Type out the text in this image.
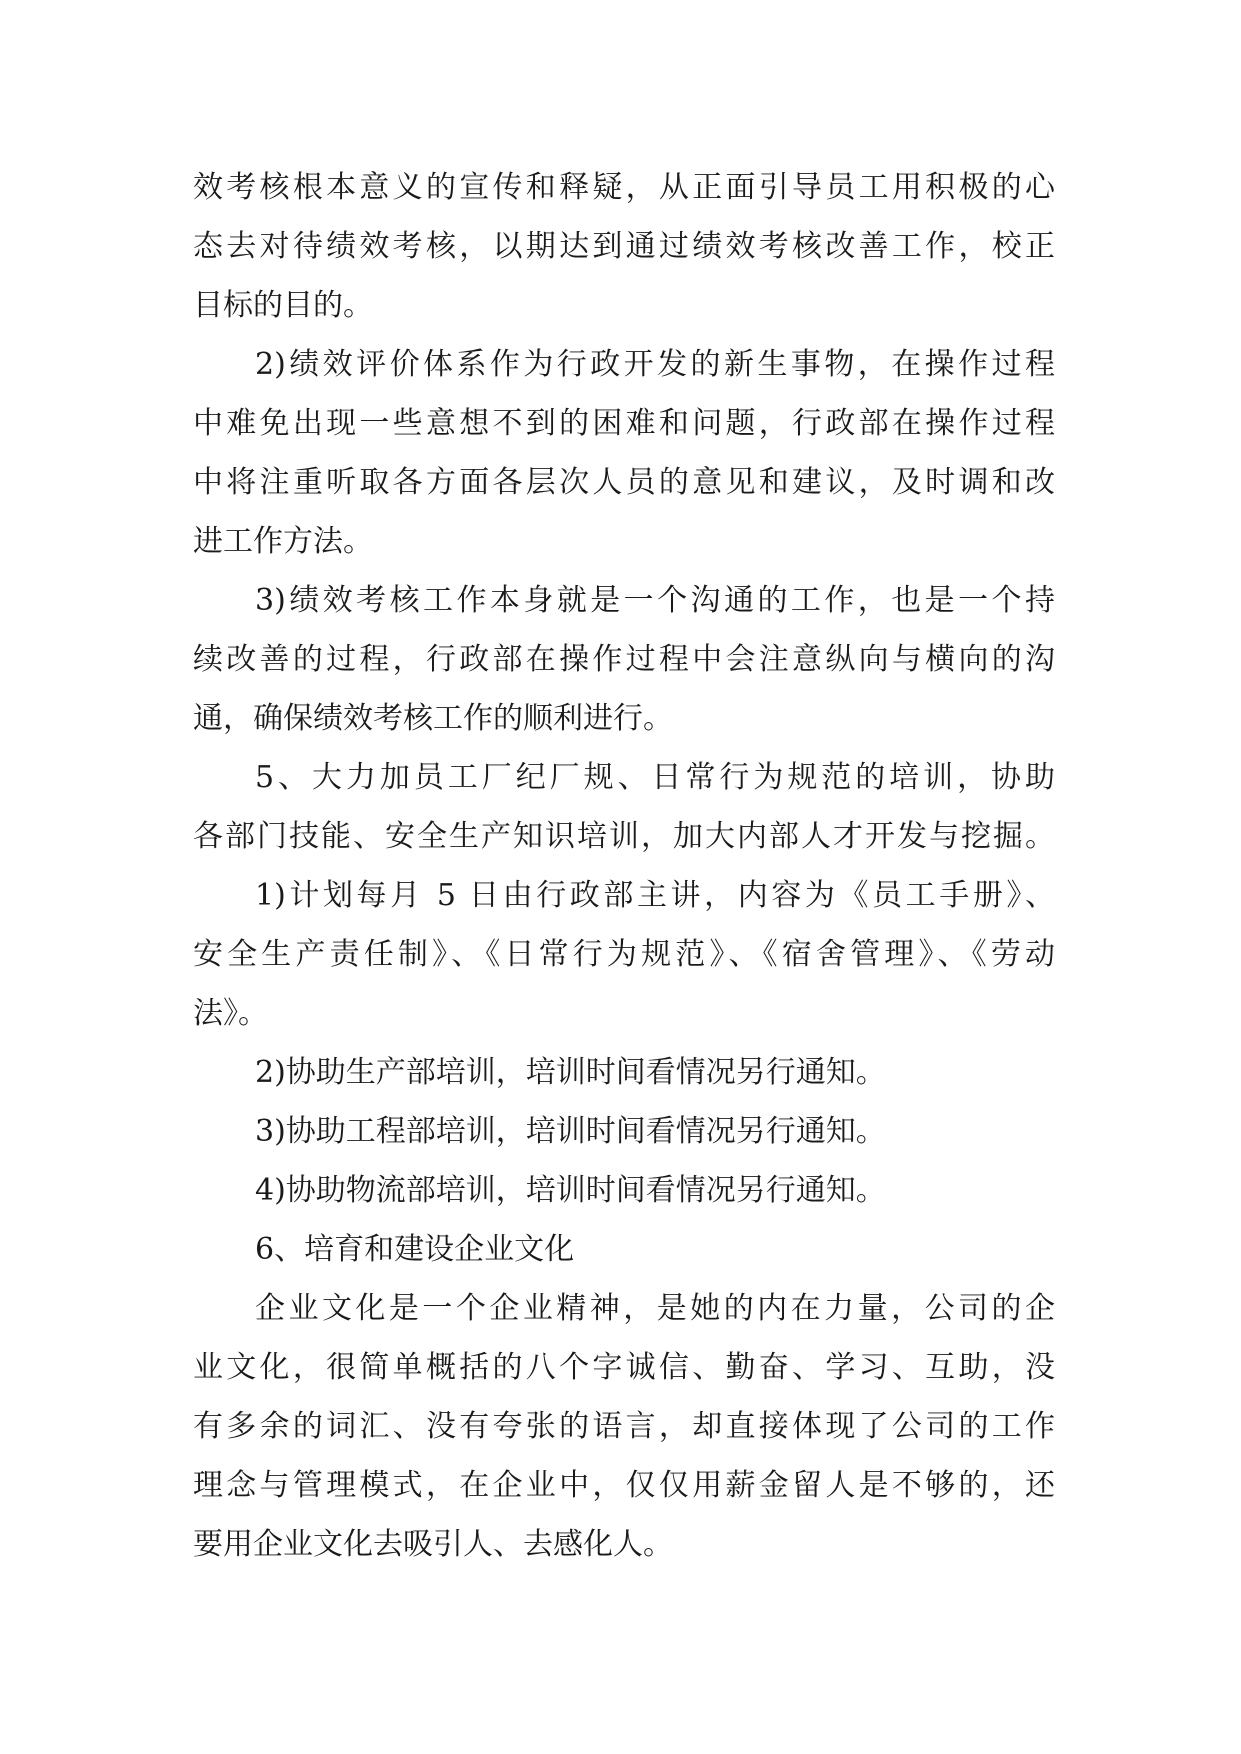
效考核根本意义的宣传和释疑，从正面引导员工用积极的心
态去对待绩效考核，以期达到通过绩效考核改善工作，校正
目标的目的。
2)绩效评价体系作为行政开发的新生事物，在操作过程
中难免出现一些意想不到的困难和问题，行政部在操作过程
中将注重听取各方面各层次人员的意见和建议，及时调和改
进工作方法。
3)绩效考核工作本身就是一个沟通的工作，也是一个持
续改善的过程，行政部在操作过程中会注意纵向与横向的沟
通，确保绩效考核工作的顺利进行。
5、大力加员工厂纪厂规、日常行为规范的培训，协助
各部门技能、安全生产知识培训，加大内部人才开发与挖掘。
1)计划每月 5 日由行政部主讲，内容为《员工手册》、
安全生产责任制》、《日常行为规范》、《宿舍管理》、《劳动
法》。
2)协助生产部培训，培训时间看情况另行通知。
3)协助工程部培训，培训时间看情况另行通知。
4)协助物流部培训，培训时间看情况另行通知。
6、培育和建设企业文化
企业文化是一个企业精神，是她的内在力量，公司的企
业文化，很简单概括的八个字诚信、勤奋、学习、互助，没
有多余的词汇、没有夸张的语言，却直接体现了公司的工作
理念与管理模式，在企业中，仅仅用薪金留人是不够的，还
要用企业文化去吸引人、去感化人。
